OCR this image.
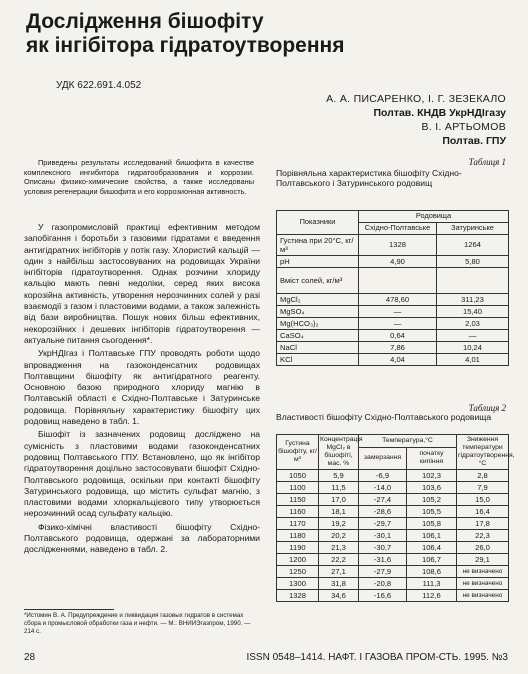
Дослідження бішофіту
як інгібітора гідратоутворення
УДК 622.691.4.052
А. А. ПИСАРЕНКО, І. Г. ЗЕЗЕКАЛО
Полтав. КНДВ УкрНДІгазу
В. І. АРТЬОМОВ
Полтав. ГПУ
Приведены результаты исследований бишофита в качестве комплексного ингибитора гидратообразования и коррозии. Описаны физико-химические свойства, а также исследованы условия регенерации бишофита и его коррозионная активность.

У газопромисловій практиці ефективним методом запобігання і боротьби з газовими гідратами є введення антигідратних інгібіторів у потік газу. Хлористий кальцій — один з найбільш застосовуваних на родовищах України інгібіторів гідратоутворення. Однак розчини хлориду кальцію мають певні недоліки, серед яких висока корозійна активність, утворення нерозчинних солей у разі взаємодії з газом і пластовими водами, а також залежність від бази виробництва. Пошук нових більш ефективних, некорозійних і дешевих інгібіторів гідратоутворення — актуальне питання сьогодення*.

УкрНДІгаз і Полтавське ГПУ проводять роботи щодо впровадження на газоконденсатних родовищах Полтавщини бішофіту як антигідратного реагенту. Основною базою природного хлориду магнію в Полтавській області є Східно-Полтавське і Затуринське родовища. Порівняльну характеристику бішофіту цих родовищ наведено в табл. 1.

Бішофіт із зазначених родовищ досліджено на сумісність з пластовими водами газоконденсатних родовищ Полтавського ГПУ. Встановлено, що як інгібітор гідратоутворення доцільно застосовувати бішофіт Східно-Полтавського родовища, оскільки при контакті бішофіту Затуринського родовища, що містить сульфат магнію, з пластовими водами хлоркальцієвого типу утворюється нерозчинний осад сульфату кальцію.

Фізико-хімічні властивості бішофіту Східно-Полтавського родовища, одержані за лабораторними дослідженнями, наведено в табл. 2.

*Истомин В. А. Предупреждение и ликвидация газовых гидратов в системах сбора и промысловой обработки газа и нефти. — М.: ВНИИЭгазпром, 1990. — 214 с.
Таблиця 1
Порівняльна характеристика бішофіту Східно-Полтавського і Затуринського родовищ
Показники	Родовища	
	Східно-Полтавське	Затуринське
Густина при 20°С, кг/м³	1328	1264
pH	4,90	5,80
Вміст солей, кг/м³		
MgCl₂	478,60	311,23
MgSO₄	—	15,40
Mg(HCO₃)₂	—	2,03
CaSO₄	0,64	—
NaCl	7,86	10,24
KCl	4,04	4,01
Таблиця 2
Властивості бішофіту Східно-Полтавського родовища
Густина бішофіту, кг/м³	Концентрація MgCl₂ в бішофіті, мас. %	Температура,°С		Зниження температури гідратоутворення,°С
		замерзання	початку кипіння	
1050	5,9	-6,9	102,3	2,8
1100	11,5	-14,0	103,6	7,9
1150	17,0	-27,4	105,2	15,0
1160	18,1	-28,6	105,5	16,4
1170	19,2	-29,7	105,8	17,8
1180	20,2	-30,1	106,1	22,3
1190	21,3	-30,7	106,4	26,0
1200	22,2	-31,6	106,7	29,1
1250	27,1	-27,9	108,6	не визначено
1300	31,8	-20,8	111,3	не визначено
1328	34,6	-16,6	112,6	не визначено
28	ISSN 0548–1414. НАФТ. І ГАЗОВА ПРОМ-СТЬ. 1995. №3
